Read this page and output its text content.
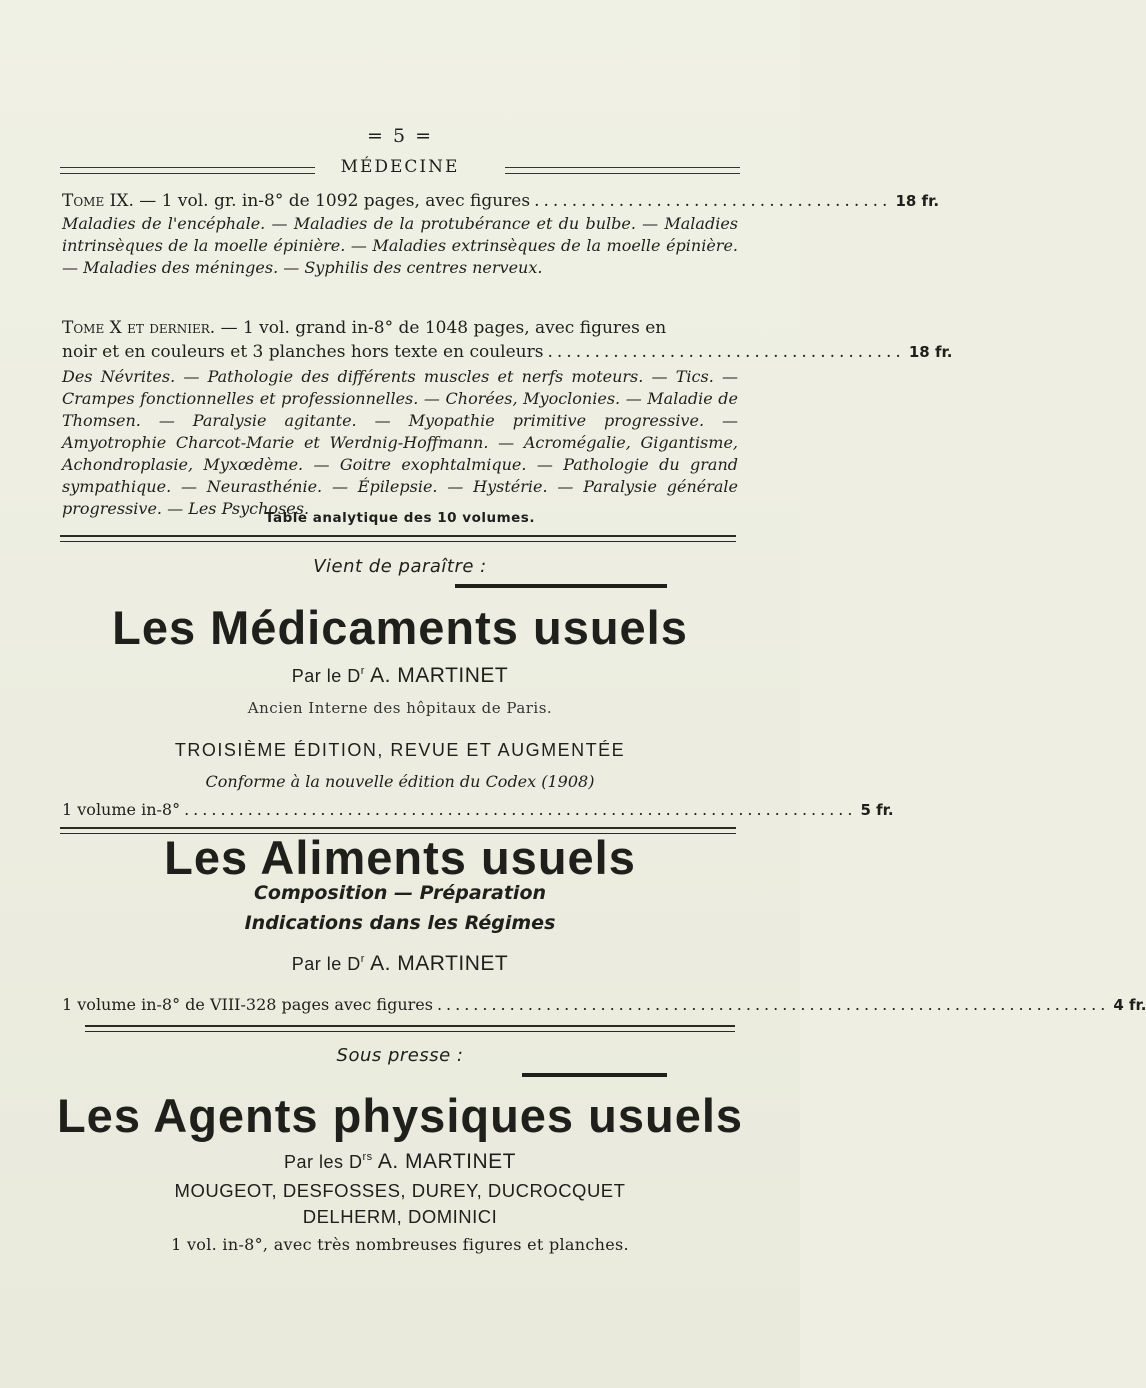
= 5 =
MÉDECINE
Tome IX. — 1 vol. gr. in-8° de 1092 pages, avec figures ...................................... 18 fr.
Maladies de l'encéphale. — Maladies de la protubérance et du bulbe. — Maladies intrinsèques de la moelle épinière. — Maladies extrinsèques de la moelle épinière. — Maladies des méninges. — Syphilis des centres nerveux.
Tome X et dernier. — 1 vol. grand in-8° de 1048 pages, avec figures en
noir et en couleurs et 3 planches hors texte en couleurs ...................................... 18 fr.
Des Névrites. — Pathologie des différents muscles et nerfs moteurs. — Tics. — Crampes fonctionnelles et professionnelles. — Chorées, Myoclonies. — Maladie de Thomsen. — Paralysie agitante. — Myopathie primitive progressive. — Amyotrophie Charcot-Marie et Werdnig-Hoffmann. — Acromégalie, Gigantisme, Achondroplasie, Myxœdème. — Goitre exophtalmique. — Pathologie du grand sympathique. — Neurasthénie. — Épilepsie. — Hystérie. — Paralysie générale progressive. — Les Psychoses.
Table analytique des 10 volumes.
Vient de paraître :
Les Médicaments usuels
Par le $D^r$ A. MARTINET
Ancien Interne des hôpitaux de Paris.
TROISIÈME ÉDITION, REVUE ET AUGMENTÉE
Conforme à la nouvelle édition du Codex (1908)
1 volume in-8° .......................................................................... 5 fr.
Les Aliments usuels
Composition — Préparation
Indications dans les Régimes
Par le $D^r$ A. MARTINET
1 volume in-8° de VIII-328 pages avec figures .......................................................................... 4 fr.
Sous presse :
Les Agents physiques usuels
Par les $D^{rs}$ A. MARTINET
MOUGEOT, DESFOSSES, DUREY, DUCROCQUET
DELHERM, DOMINICI
1 vol. in-8°, avec très nombreuses figures et planches.
